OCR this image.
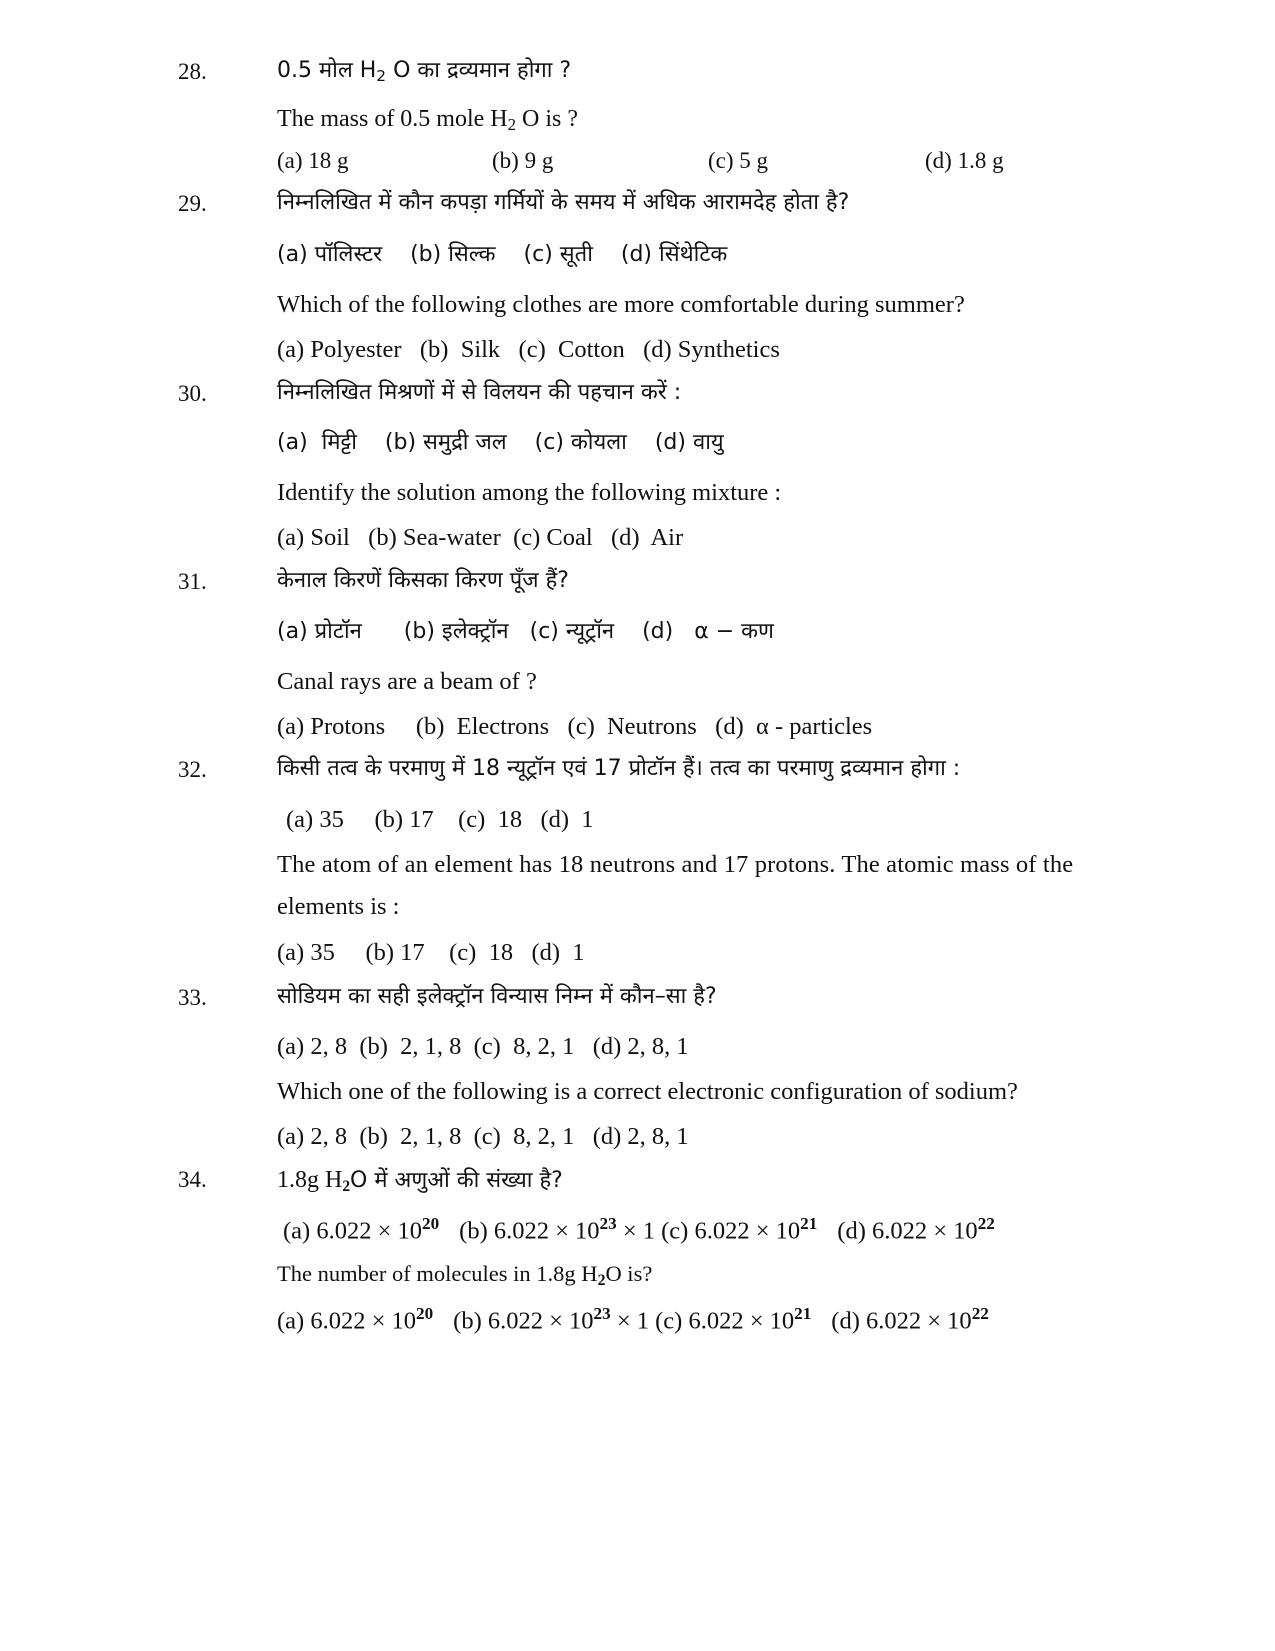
28.	0.5 मोल $H_2$ O का द्रव्यमान होगा ?
The mass of 0.5 mole $H_2$ O is ?
(a) 18 g	(b) 9 g	(c) 5 g	(d) 1.8 g
29.	निम्नलिखित में कौन कपड़ा गर्मियों के समय में अधिक आरामदेह होता है?
(a) पॉलिस्टर    (b) सिल्क    (c) सूती    (d) सिंथेटिक
Which of the following clothes are more comfortable during summer?
(a) Polyester   (b)  Silk   (c)  Cotton   (d) Synthetics
30.	निम्नलिखित मिश्रणों में से विलयन की पहचान करें :
(a)  मिट्टी    (b) समुद्री जल    (c) कोयला    (d) वायु
Identify the solution among the following mixture :
(a) Soil   (b) Sea-water  (c) Coal   (d)  Air
31.	केनाल किरणें किसका किरण पूँज हैं?
(a) प्रोटॉन      (b) इलेक्ट्रॉन   (c) न्यूट्रॉन    (d)   α − कण
Canal rays are a beam of ?
(a) Protons     (b)  Electrons   (c)  Neutrons   (d)  α - particles
32.	किसी तत्व के परमाणु में 18 न्यूट्रॉन एवं 17 प्रोटॉन हैं। तत्व का परमाणु द्रव्यमान होगा :
(a) 35     (b) 17    (c)  18   (d)  1
The atom of an element has 18 neutrons and 17 protons. The atomic mass of the
elements is :
(a) 35     (b) 17    (c)  18   (d)  1
33.	सोडियम का सही इलेक्ट्रॉन विन्यास निम्न में कौन–सा है?
(a) 2, 8  (b)  2, 1, 8  (c)  8, 2, 1   (d) 2, 8, 1
Which one of the following is a correct electronic configuration of sodium?
(a) 2, 8  (b)  2, 1, 8  (c)  8, 2, 1   (d) 2, 8, 1
34.	1.8g $H_2O$ में अणुओं की संख्या है?
(a) $6.022 \times 10^{20}$ (b) $6.022 \times 10^{23} \times 1$ (c) $6.022 \times 10^{21}$ (d) $6.022 \times 10^{22}$
The number of molecules in 1.8g $H_2O$ is?
(a) $6.022 \times 10^{20}$ (b) $6.022 \times 10^{23} \times 1$ (c) $6.022 \times 10^{21}$ (d) $6.022 \times 10^{22}$
